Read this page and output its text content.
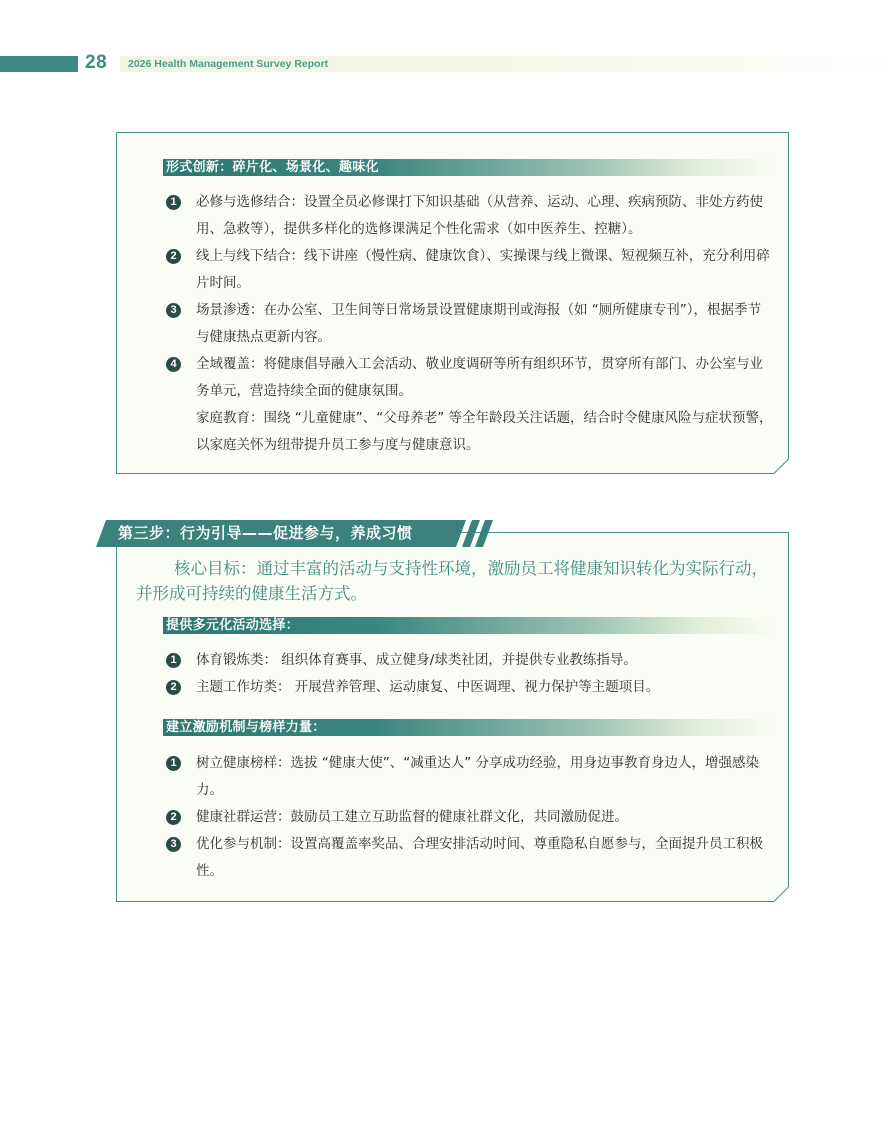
28 2026 Health Management Survey Report
形式创新：碎片化、场景化、趣味化
1	必修与选修结合：设置全员必修课打下知识基础（从营养、运动、心理、疾病预防、非处方药使用、急救等），提供多样化的选修课满足个性化需求（如中医养生、控糖）。
2	线上与线下结合：线下讲座（慢性病、健康饮食）、实操课与线上微课、短视频互补，充分利用碎片时间。
3	场景渗透：在办公室、卫生间等日常场景设置健康期刊或海报（如 “厕所健康专刊”），根据季节与健康热点更新内容。
4	全域覆盖：将健康倡导融入工会活动、敬业度调研等所有组织环节，贯穿所有部门、办公室与业务单元，营造持续全面的健康氛围。
家庭教育：围绕 “儿童健康”、“父母养老” 等全年龄段关注话题，结合时令健康风险与症状预警，以家庭关怀为纽带提升员工参与度与健康意识。
核心目标：通过丰富的活动与支持性环境，激励员工将健康知识转化为实际行动，并形成可持续的健康生活方式。
提供多元化活动选择：
1	体育锻炼类： 组织体育赛事、成立健身/球类社团，并提供专业教练指导。
2	主题工作坊类： 开展营养管理、运动康复、中医调理、视力保护等主题项目。
建立激励机制与榜样力量：
1	树立健康榜样：选拔 “健康大使”、“减重达人” 分享成功经验，用身边事教育身边人，增强感染力。
2	健康社群运营：鼓励员工建立互助监督的健康社群文化，共同激励促进。
3	优化参与机制：设置高覆盖率奖品、合理安排活动时间、尊重隐私自愿参与，全面提升员工积极性。
第三步：行为引导——促进参与，养成习惯
